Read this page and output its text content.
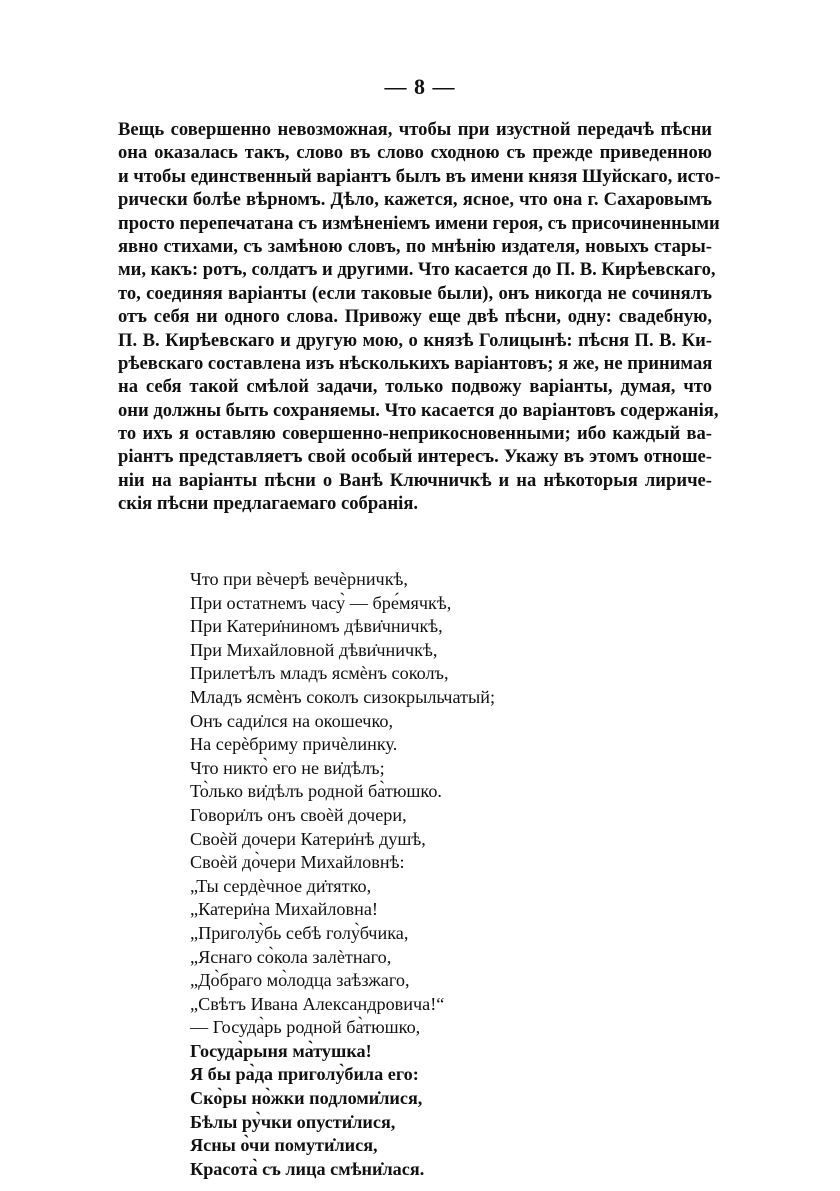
— 8 —
Вещь совершенно невозможная, чтобы при изустной передачѣ пѣсни
она оказалась такъ, слово въ слово сходною съ прежде приведенною
и чтобы единственный варіантъ былъ въ имени князя Шуйскаго, исто-
рически болѣе вѣрномъ. Дѣло, кажется, ясное, что она г. Сахаровымъ
просто перепечатана съ измѣненіемъ имени героя, съ присочиненными
явно стихами, съ замѣною словъ, по мнѣнію издателя, новыхъ стары-
ми, какъ: ротъ, солдатъ и другими. Что касается до П. В. Кирѣевскаго,
то, соединяя варіанты (если таковые были), онъ никогда не сочинялъ
отъ себя ни одного слова. Привожу еще двѣ пѣсни, одну: свадебную,
П. В. Кирѣевскаго и другую мою, о князѣ Голицынѣ: пѣсня П. В. Ки-
рѣевскаго составлена изъ нѣсколькихъ варіантовъ; я же, не принимая
на себя такой смѣлой задачи, только подвожу варіанты, думая, что
они должны быть сохраняемы. Что касается до варіантовъ содержанія,
то ихъ я оставляю совершенно-неприкосновенными; ибо каждый ва-
ріантъ представляетъ свой особый интересъ. Укажу въ этомъ отноше-
ніи на варіанты пѣсни о Ванѣ Ключничкѣ и на нѣкоторыя лириче-
скія пѣсни предлагаемаго собранія.
Что при вѐчерѣ вечѐрничкѣ,
При остатнемъ часу̀ — бре́мячкѣ,
При Катери̇ниномъ дѣви̇чничкѣ,
При Михайловной дѣви̇чничкѣ,
Прилетѣлъ младъ ясмѐнъ соколъ,
Младъ ясмѐнъ соколъ сизокрыльчатый;
Онъ сади̇лся на окошечко,
На серѐбриму причѐлинку.
Что никто̀ его не ви̇дѣлъ;
То̀лько ви̇дѣлъ родной ба̀тюшко.
Говори̇лъ онъ своѐй дочери,
Своѐй дочери Катери̇нѣ душѣ,
Своѐй до̀чери Михайловнѣ:
„Ты сердѐчное ди̇тятко,
„Катери̇на Михайловна!
„Приголу̀бь себѣ голу̀бчика,
„Яснаго со̀кола залѐтнаго,
„До̀браго мо̀лодца заѣзжаго,
„Свѣтъ Ивана Александровича!“
— Госуда̀рь родной ба̀тюшко,
Госуда̀рыня ма̀тушка!
Я бы ра̀да приголу̀била его:
Ско̀ры но̀жки подломи̇лися,
Бѣлы ру̀чки опусти̇лися,
Ясны о̀чи помути̇лися,
Красота̀ съ лица смѣни̇лася.
